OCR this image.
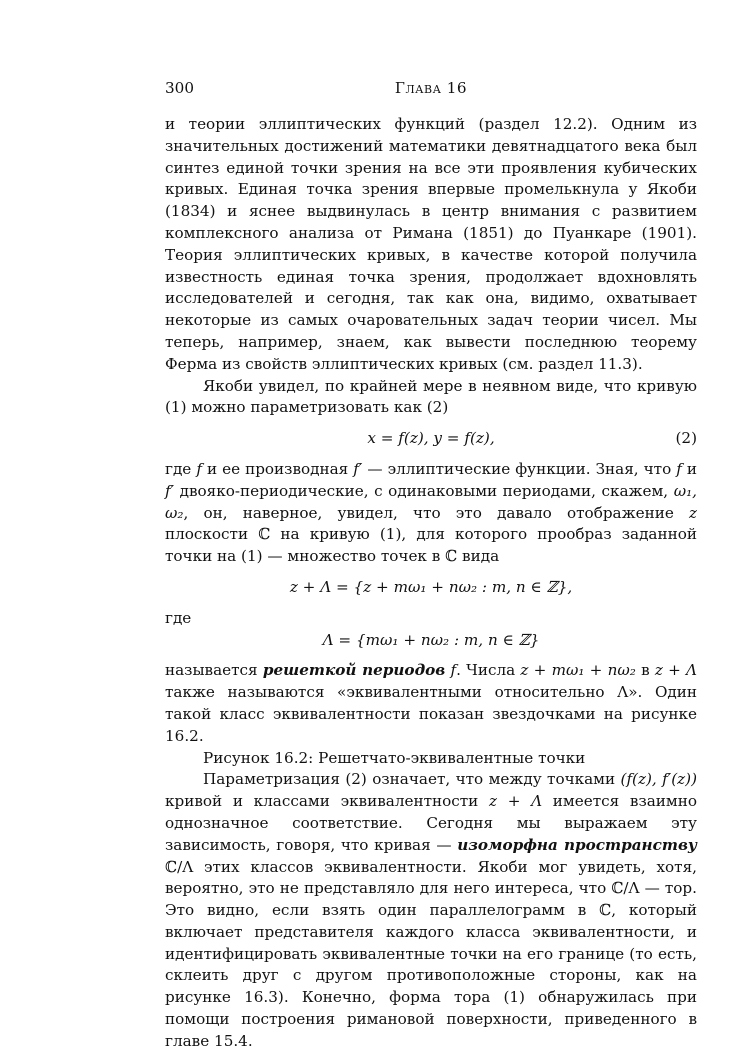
300	Глава 16

и теории эллиптических функций (раздел 12.2). Одним из значительных достижений математики девятнадцатого века был синтез единой точки зрения на все эти проявления кубических кривых. Единая точка зрения впервые промелькнула у Якоби (1834) и яснее выдвинулась в центр внимания с развитием комплексного анализа от Римана (1851) до Пуанкаре (1901). Теория эллиптических кривых, в качестве которой получила известность единая точка зрения, продолжает вдохновлять исследователей и сегодня, так как она, видимо, охватывает некоторые из самых очаровательных задач теории чисел. Мы теперь, например, знаем, как вывести последнюю теорему Ферма из свойств эллиптических кривых (см. раздел 11.3).

Якоби увидел, по крайней мере в неявном виде, что кривую (1) можно параметризовать как (2)

x = f(z), y = f(z),	(2)

где f и ее производная f′ — эллиптические функции. Зная, что f и f′ двояко-периодические, с одинаковыми периодами, скажем, ω₁, ω₂, он, наверное, увидел, что это давало отображение z плоскости ℂ на кривую (1), для которого прообраз заданной точки на (1) — множество точек в ℂ вида

z + Λ = {z + mω₁ + nω₂ : m, n ∈ ℤ},

где

Λ = {mω₁ + nω₂ : m, n ∈ ℤ}

называется решеткой периодов f. Числа z + mω₁ + nω₂ в z + Λ также называются «эквивалентными относительно Λ». Один такой класс эквивалентности показан звездочками на рисунке 16.2.

Рисунок 16.2: Решетчато-эквивалентные точки

Параметризация (2) означает, что между точками (f(z), f′(z)) кривой и классами эквивалентности z + Λ имеется взаимно однозначное соответствие. Сегодня мы выражаем эту зависимость, говоря, что кривая — изоморфна пространству ℂ/Λ этих классов эквивалентности. Якоби мог увидеть, хотя, вероятно, это не представляло для него интереса, что ℂ/Λ — тор. Это видно, если взять один параллелограмм в ℂ, который включает представителя каждого класса эквивалентности, и идентифицировать эквивалентные точки на его границе (то есть, склеить друг с другом противоположные стороны, как на рисунке 16.3). Конечно, форма тора (1) обнаружилась при помощи построения римановой поверхности, приведенного в главе 15.4.
